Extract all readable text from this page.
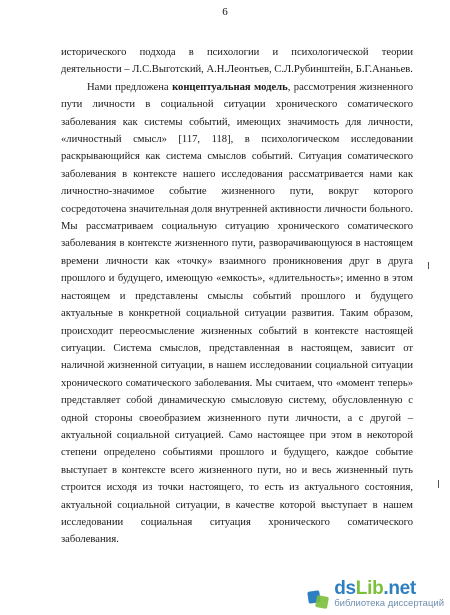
6
исторического подхода в психологии и психологической теории
деятельности – Л.С.Выготский, А.Н.Леонтьев, С.Л.Рубинштейн, Б.Г.Ананьев.
Нами предложена концептуальная модель, рассмотрения жизненного
пути личности в социальной ситуации хронического соматического
заболевания как системы событий, имеющих значимость для личности,
«личностный смысл» [117, 118], в психологическом исследовании
раскрывающийся как система смыслов событий. Ситуация соматического
заболевания в контексте нашего исследования рассматривается нами как
личностно-значимое событие жизненного пути, вокруг которого
сосредоточена значительная доля внутренней активности личности больного.
Мы рассматриваем социальную ситуацию хронического соматического
заболевания в контексте жизненного пути, разворачивающуюся в настоящем
времени личности как «точку» взаимного проникновения друг в друга
прошлого и будущего, имеющую «емкость», «длительность»; именно в этом
настоящем и представлены смыслы событий прошлого и будущего
актуальные в конкретной социальной ситуации развития. Таким образом,
происходит переосмысление жизненных событий в контексте настоящей
ситуации. Система смыслов, представленная в настоящем, зависит от
наличной жизненной ситуации, в нашем исследовании социальной ситуации
хронического соматического заболевания. Мы считаем, что «момент теперь»
представляет собой динамическую смысловую систему, обусловленную с
одной стороны своеобразием жизненного пути личности, а с другой –
актуальной социальной ситуацией. Само настоящее при этом в некоторой
степени определено событиями прошлого и будущего, каждое событие
выступает в контексте всего жизненного пути, но и весь жизненный путь
строится исходя из точки настоящего, то есть из актуального состояния,
актуальной социальной ситуации, в качестве которой выступает в нашем
исследовании социальная ситуация хронического соматического
заболевания.
dsLib.net
библиотека диссертаций
